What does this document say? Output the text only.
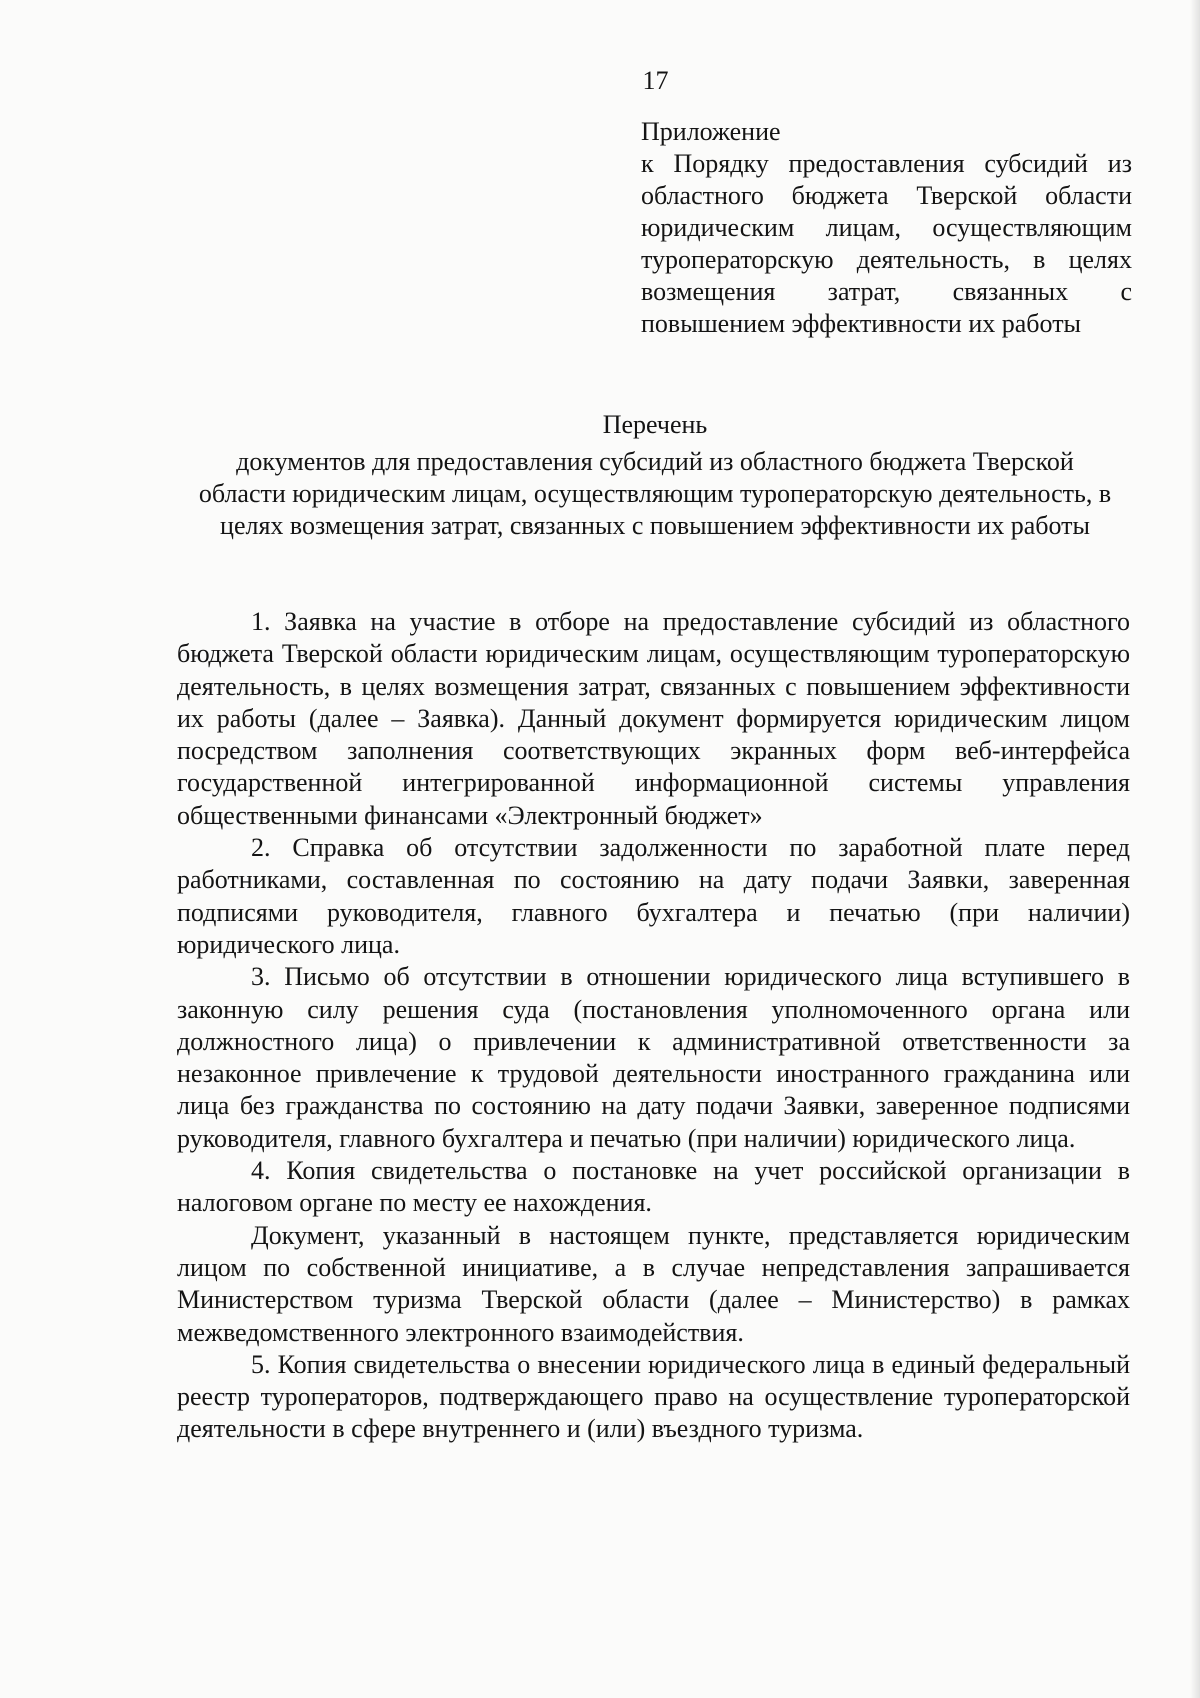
17
Приложение
к Порядку предоставления субсидий из областного бюджета Тверской области юридическим лицам, осуществляющим туроператорскую деятельность, в целях возмещения затрат, связанных с повышением эффективности их работы
Перечень
документов для предоставления субсидий из областного бюджета Тверской области юридическим лицам, осуществляющим туроператорскую деятельность, в целях возмещения затрат, связанных с повышением эффективности их работы

1. Заявка на участие в отборе на предоставление субсидий из областного бюджета Тверской области юридическим лицам, осуществляющим туроператорскую деятельность, в целях возмещения затрат, связанных с повышением эффективности их работы (далее – Заявка). Данный документ формируется юридическим лицом посредством заполнения соответствующих экранных форм веб-интерфейса государственной интегрированной информационной системы управления общественными финансами «Электронный бюджет»

2. Справка об отсутствии задолженности по заработной плате перед работниками, составленная по состоянию на дату подачи Заявки, заверенная подписями руководителя, главного бухгалтера и печатью (при наличии) юридического лица.

3. Письмо об отсутствии в отношении юридического лица вступившего в законную силу решения суда (постановления уполномоченного органа или должностного лица) о привлечении к административной ответственности за незаконное привлечение к трудовой деятельности иностранного гражданина или лица без гражданства по состоянию на дату подачи Заявки, заверенное подписями руководителя, главного бухгалтера и печатью (при наличии) юридического лица.

4. Копия свидетельства о постановке на учет российской организации в налоговом органе по месту ее нахождения.

Документ, указанный в настоящем пункте, представляется юридическим лицом по собственной инициативе, а в случае непредставления запрашивается Министерством туризма Тверской области (далее – Министерство) в рамках межведомственного электронного взаимодействия.

5. Копия свидетельства о внесении юридического лица в единый федеральный реестр туроператоров, подтверждающего право на осуществление туроператорской деятельности в сфере внутреннего и (или) въездного туризма.
